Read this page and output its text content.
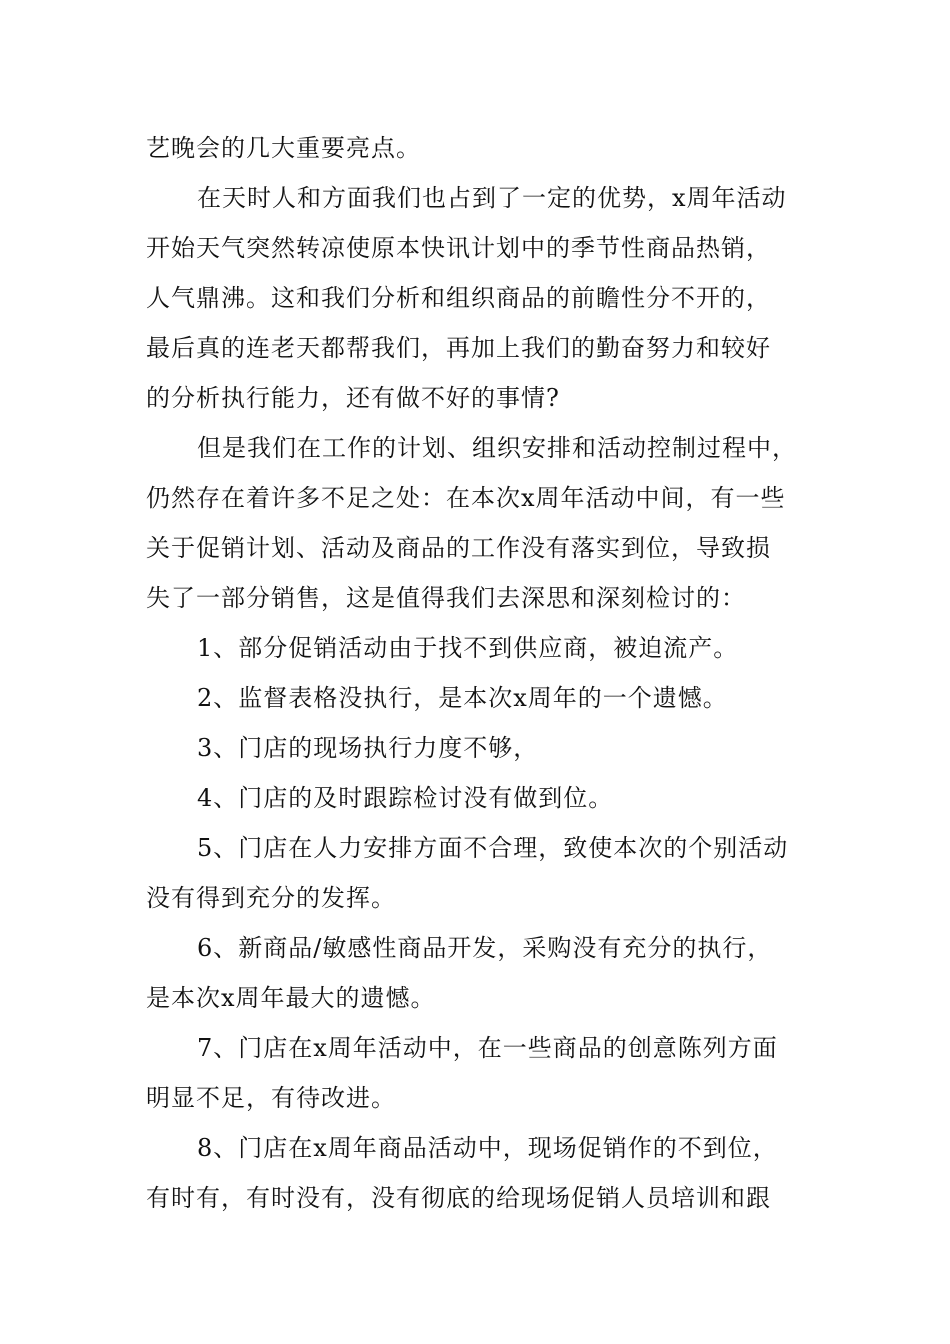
艺晚会的几大重要亮点。
在天时人和方面我们也占到了一定的优势，x周年活动
开始天气突然转凉使原本快讯计划中的季节性商品热销，
人气鼎沸。这和我们分析和组织商品的前瞻性分不开的，
最后真的连老天都帮我们，再加上我们的勤奋努力和较好
的分析执行能力，还有做不好的事情?
但是我们在工作的计划、组织安排和活动控制过程中，
仍然存在着许多不足之处：在本次x周年活动中间，有一些
关于促销计划、活动及商品的工作没有落实到位，导致损
失了一部分销售，这是值得我们去深思和深刻检讨的：
1、部分促销活动由于找不到供应商，被迫流产。
2、监督表格没执行，是本次x周年的一个遗憾。
3、门店的现场执行力度不够，
4、门店的及时跟踪检讨没有做到位。
5、门店在人力安排方面不合理，致使本次的个别活动
没有得到充分的发挥。
6、新商品/敏感性商品开发，采购没有充分的执行，
是本次x周年最大的遗憾。
7、门店在x周年活动中，在一些商品的创意陈列方面
明显不足，有待改进。
8、门店在x周年商品活动中，现场促销作的不到位，
有时有，有时没有，没有彻底的给现场促销人员培训和跟
